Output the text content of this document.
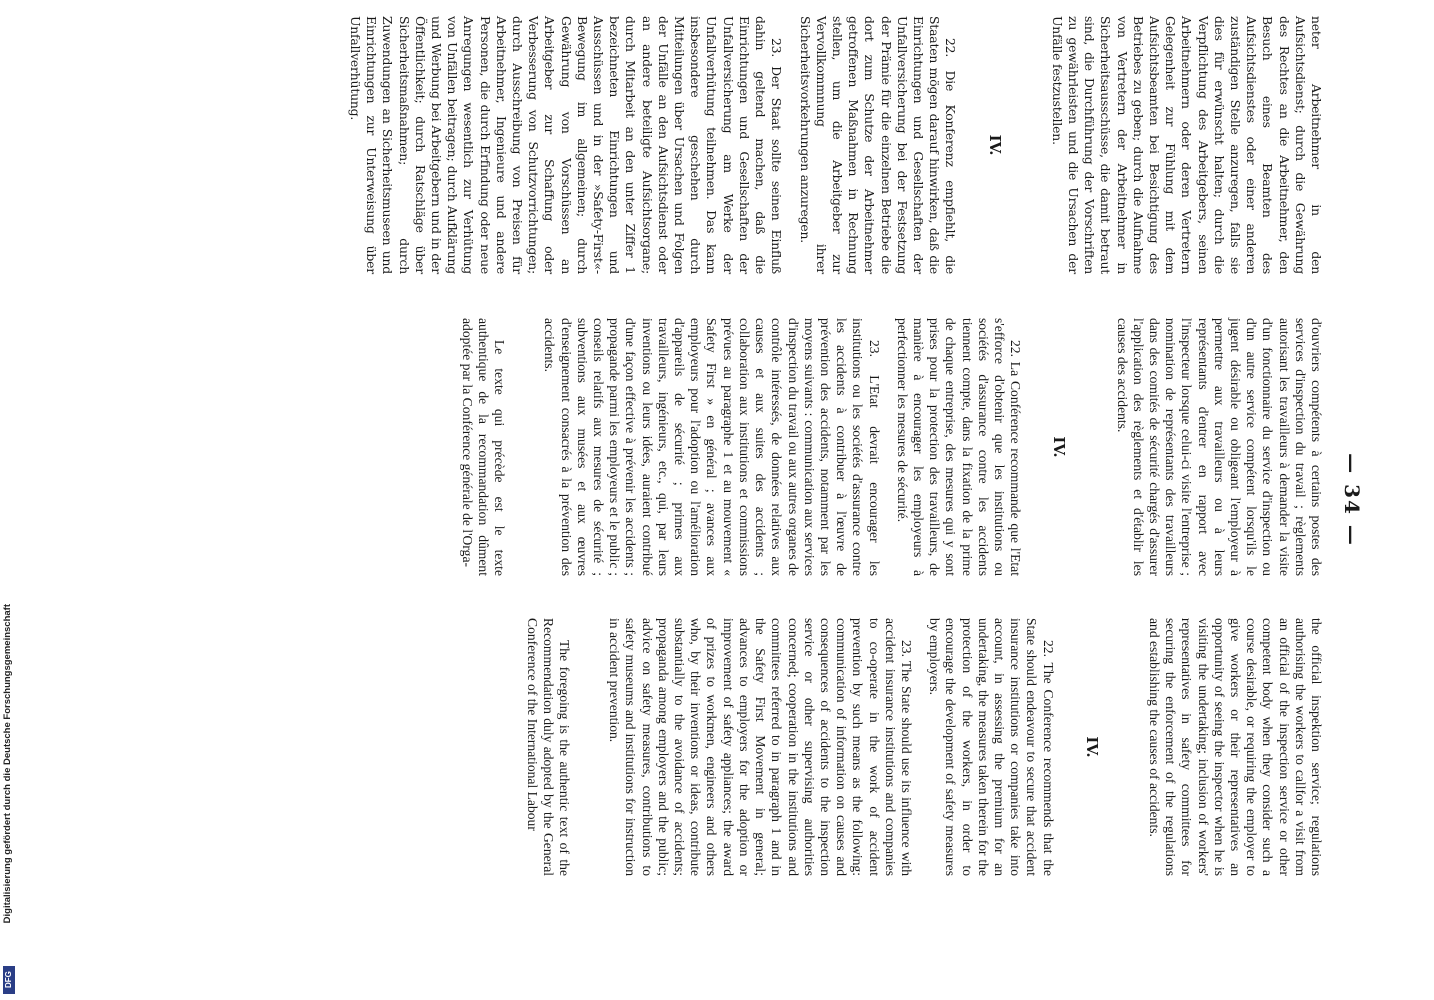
— 34 —

the official inspektion service; regulations authorising the workers to callfor a visit from an official of the inspection service or other competent body when they consider such a course desirable, or requiring the employer to give workers or their representatives an opportunity of seeing the inspector when he is visiting the undertaking; inclusion of workers' representatives in safety committees for securing the enforcement of the regulations and establishing the causes of accidents.

IV.

22. The Conference recommends that the State should endeavour to secure that accident insurance institutions or companies take into account, in assessing the premium for an undertaking, the measures taken therein for the protection of the workers, in order to encourage the development of safety measures by employers.

23. The State should use its influence with accident insurance institutions and companies to co-operate in the work of accident prevention by such means as the following: communication of information on causes and consequences of accidents to the inspection service or other supervising authorities concerned; cooperation in the institutions and committees referred to in paragraph 1 and in the Safety First Movement in general; advances to employers for the adoption or improvement of safety appliances; the award of prizes to workmen, engineers and others who, by their inventions or ideas, contribute substantially to the avoidance of accidents; propaganda among employers and the public; advice on safety measures, contributions to safety museums and institutions for instruction in accident prevention.

The foregoing is the authentic text of the Recommendation duly adopted by the General Conference of the International Labour

d'ouvriers compétents à certains postes des services d'inspection du travail ; règlements autorisant les travailleurs à demander la visite d'un fonctionnaire du service d'inspection ou d'un autre service compétent lorsqu'ils le jugent désirable ou obligeant l'employeur à permettre aux travailleurs ou à leurs représentants d'entrer en rapport avec l'inspecteur lorsque celui-ci visite l'entreprise ; nomination de représentants des travailleurs dans des comités de sécurité chargés d'assurer l'application des règlements et d'établir les causes des accidents.

IV.

22. La Conférence recommande que l'Etat s'efforce d'obtenir que les institutions ou sociétés d'assurance contre les accidents tiennent compte, dans la fixation de la prime de chaque entreprise, des mesures qui y sont prises pour la protection des travailleurs, de manière à encourager les employeurs à perfectionner les mesures de sécurité.

23. L'Etat devrait encourager les institutions ou les sociétés d'assurance contre les accidents à contribuer à l'œuvre de prévention des accidents, notamment par les moyens suivants : communication aux services d'inspection du travail ou aux autres organes de contrôle intéressés, de données relatives aux causes et aux suites des accidents ; collaboration aux institutions et commissions prévues au paragraphe 1 et au mouvement « Safety First » en général ; avances aux employeurs pour l'adoption ou l'amélioration d'appareils de sécurité ; primes aux travailleurs, ingénieurs, etc., qui, par leurs inventions ou leurs idées, auraient contribué d'une façon effective à prévenir les accidents ; propagande parmi les employeurs et le public ; conseils relatifs aux mesures de sécurité ; subventions aux musées et aux œuvres d'enseignement consacrés à la prévention des accidents.

Le texte qui précède est le texte authentique de la recommandation dûment adoptée par la Conférence générale de l'Orga-

neter Arbeitnehmer in den Aufsichtsdienst; durch die Gewährung des Rechtes an die Arbeitnehmer, den Besuch eines Beamten des Aufsichtsdienstes oder einer anderen zuständigen Stelle anzuregen, falls sie dies für erwünscht halten; durch die Verpflichtung des Arbeitgebers, seinen Arbeitnehmern oder deren Vertretern Gelegenheit zur Fühlung mit dem Aufsichtsbeamten bei Besichtigung des Betriebes zu geben; durch die Aufnahme von Vertretern der Arbeitnehmer in Sicherheitsausschüsse, die damit betraut sind, die Durchführung der Vorschriften zu gewährleisten und die Ursachen der Unfälle festzustellen.

IV.

22. Die Konferenz empfiehlt, die Staaten mögen darauf hinwirken, daß die Einrichtungen und Gesellschaften der Unfallversicherung bei der Festsetzung der Prämie für die einzelnen Betriebe die dort zum Schutze der Arbeitnehmer getroffenen Maßnahmen in Rechnung stellen, um die Arbeitgeber zur Vervollkommnung ihrer Sicherheitsvorkehrungen anzuregen.

23. Der Staat sollte seinen Einfluß dahin geltend machen, daß die Einrichtungen und Gesellschaften der Unfallversicherung am Werke der Unfallverhütung teilnehmen. Das kann insbesondere geschehen durch Mitteilungen über Ursachen und Folgen der Unfälle an den Aufsichtsdienst oder an andere beteiligte Aufsichtsorgane; durch Mitarbeit an den unter Ziffer 1 bezeichneten Einrichtungen und Ausschüssen und in der »Safety-First«-Bewegung im allgemeinen; durch Gewährung von Vorschüssen an Arbeitgeber zur Schaffung oder Verbesserung von Schutzvorrichtungen; durch Ausschreibung von Preisen für Arbeitnehmer, Ingenieure und andere Personen, die durch Erfindung oder neue Anregungen wesentlich zur Verhütung von Unfällen beitragen; durch Aufklärung und Werbung bei Arbeitgebern und in der Öffentlichkeit; durch Ratschläge über Sicherheitsmaßnahmen; durch Zuwendungen an Sicherheitsmuseen und Einrichtungen zur Unterweisung über Unfallverhütung.

Digitalisierung gefördert durch die Deutsche Forschungsgemeinschaft
DFG
